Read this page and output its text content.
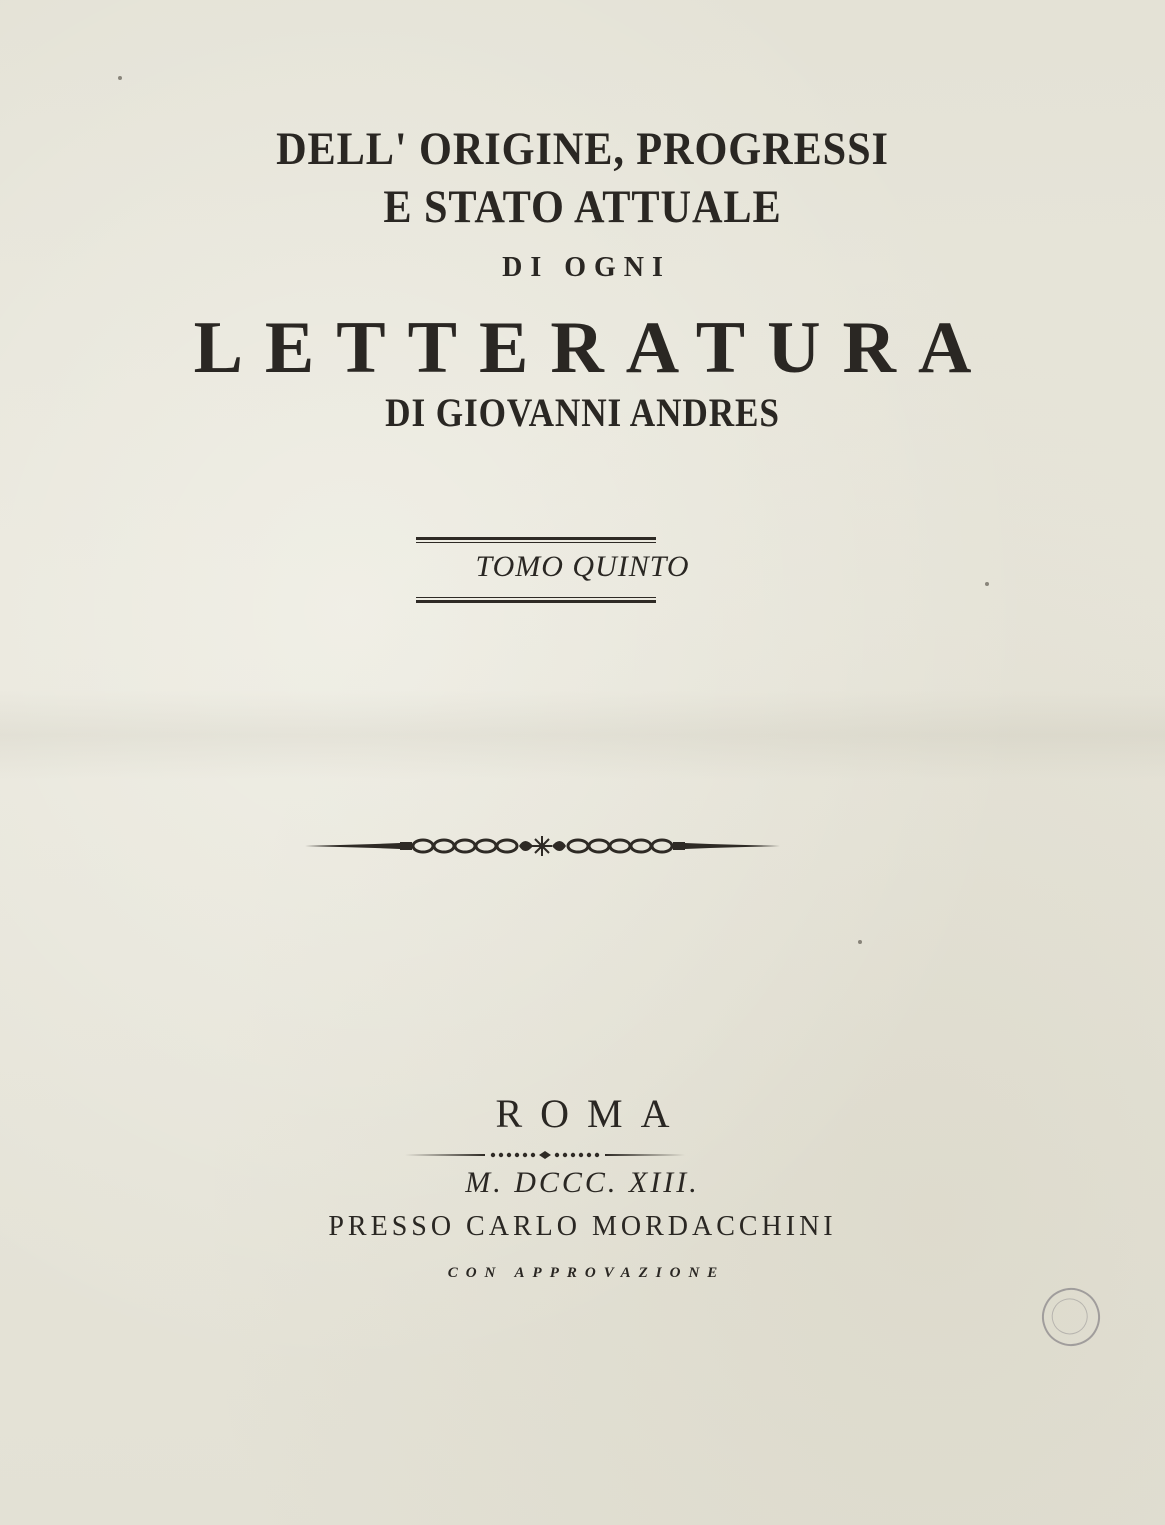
DELL' ORIGINE, PROGRESSI
E STATO ATTUALE
DI OGNI
LETTERATURA
DI GIOVANNI ANDRES
TOMO QUINTO
ROMA
M. DCCC. XIII.
PRESSO CARLO MORDACCHINI
CON APPROVAZIONE
